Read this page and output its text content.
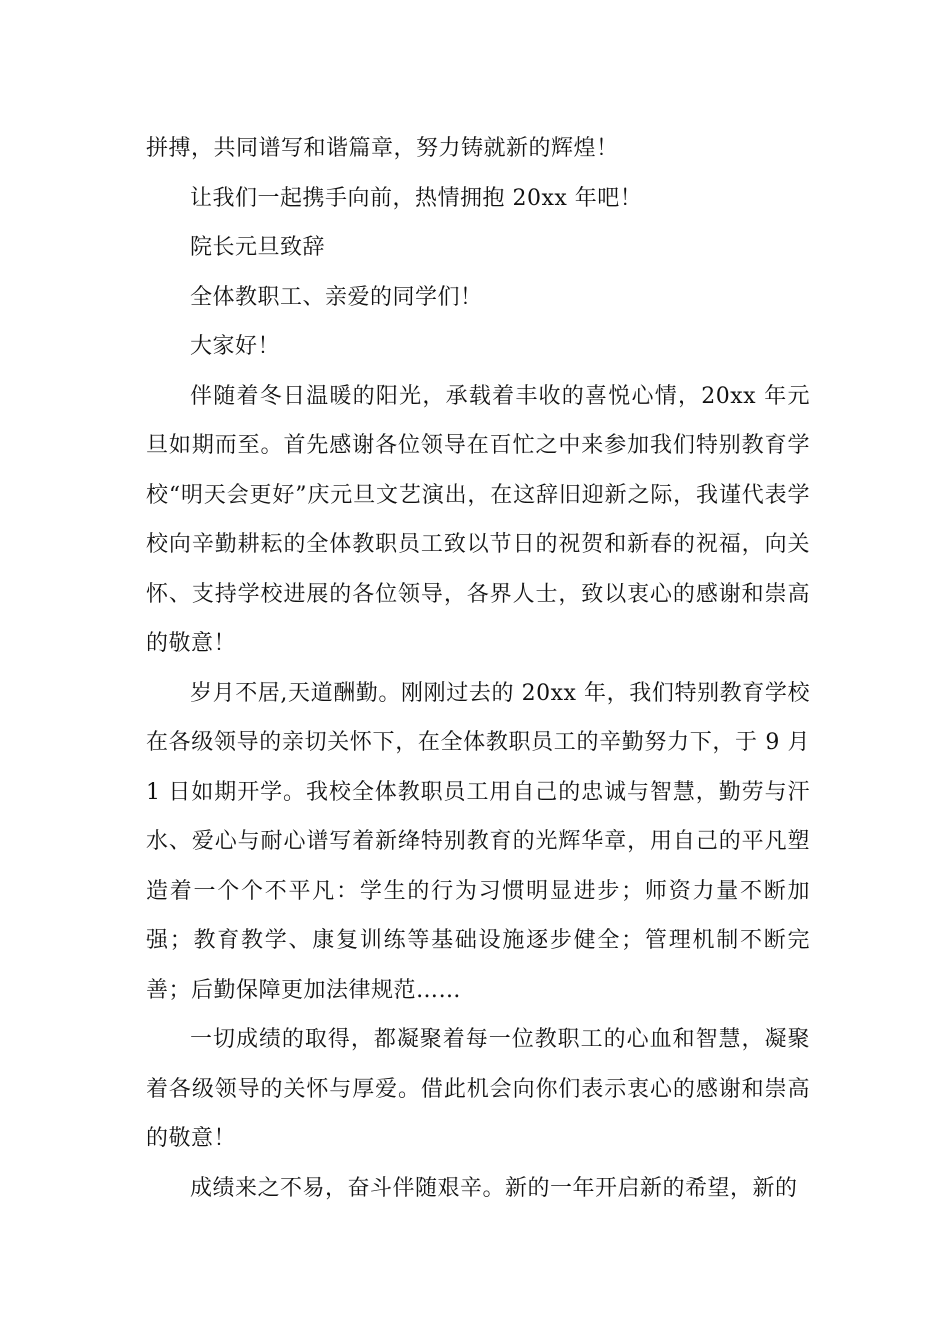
拼搏，共同谱写和谐篇章，努力铸就新的辉煌！

让我们一起携手向前，热情拥抱 20xx 年吧！

院长元旦致辞

全体教职工、亲爱的同学们！

大家好！

伴随着冬日温暖的阳光，承载着丰收的喜悦心情，20xx 年元旦如期而至。首先感谢各位领导在百忙之中来参加我们特别教育学校“明天会更好”庆元旦文艺演出，在这辞旧迎新之际，我谨代表学校向辛勤耕耘的全体教职员工致以节日的祝贺和新春的祝福，向关怀、支持学校进展的各位领导，各界人士，致以衷心的感谢和崇高的敬意！

岁月不居,天道酬勤。刚刚过去的 20xx 年，我们特别教育学校在各级领导的亲切关怀下，在全体教职员工的辛勤努力下，于 9 月 1 日如期开学。我校全体教职员工用自己的忠诚与智慧，勤劳与汗水、爱心与耐心谱写着新绛特别教育的光辉华章，用自己的平凡塑造着一个个不平凡：学生的行为习惯明显进步；师资力量不断加强；教育教学、康复训练等基础设施逐步健全；管理机制不断完善；后勤保障更加法律规范……

一切成绩的取得，都凝聚着每一位教职工的心血和智慧，凝聚着各级领导的关怀与厚爱。借此机会向你们表示衷心的感谢和崇高的敬意！

成绩来之不易，奋斗伴随艰辛。新的一年开启新的希望，新的
